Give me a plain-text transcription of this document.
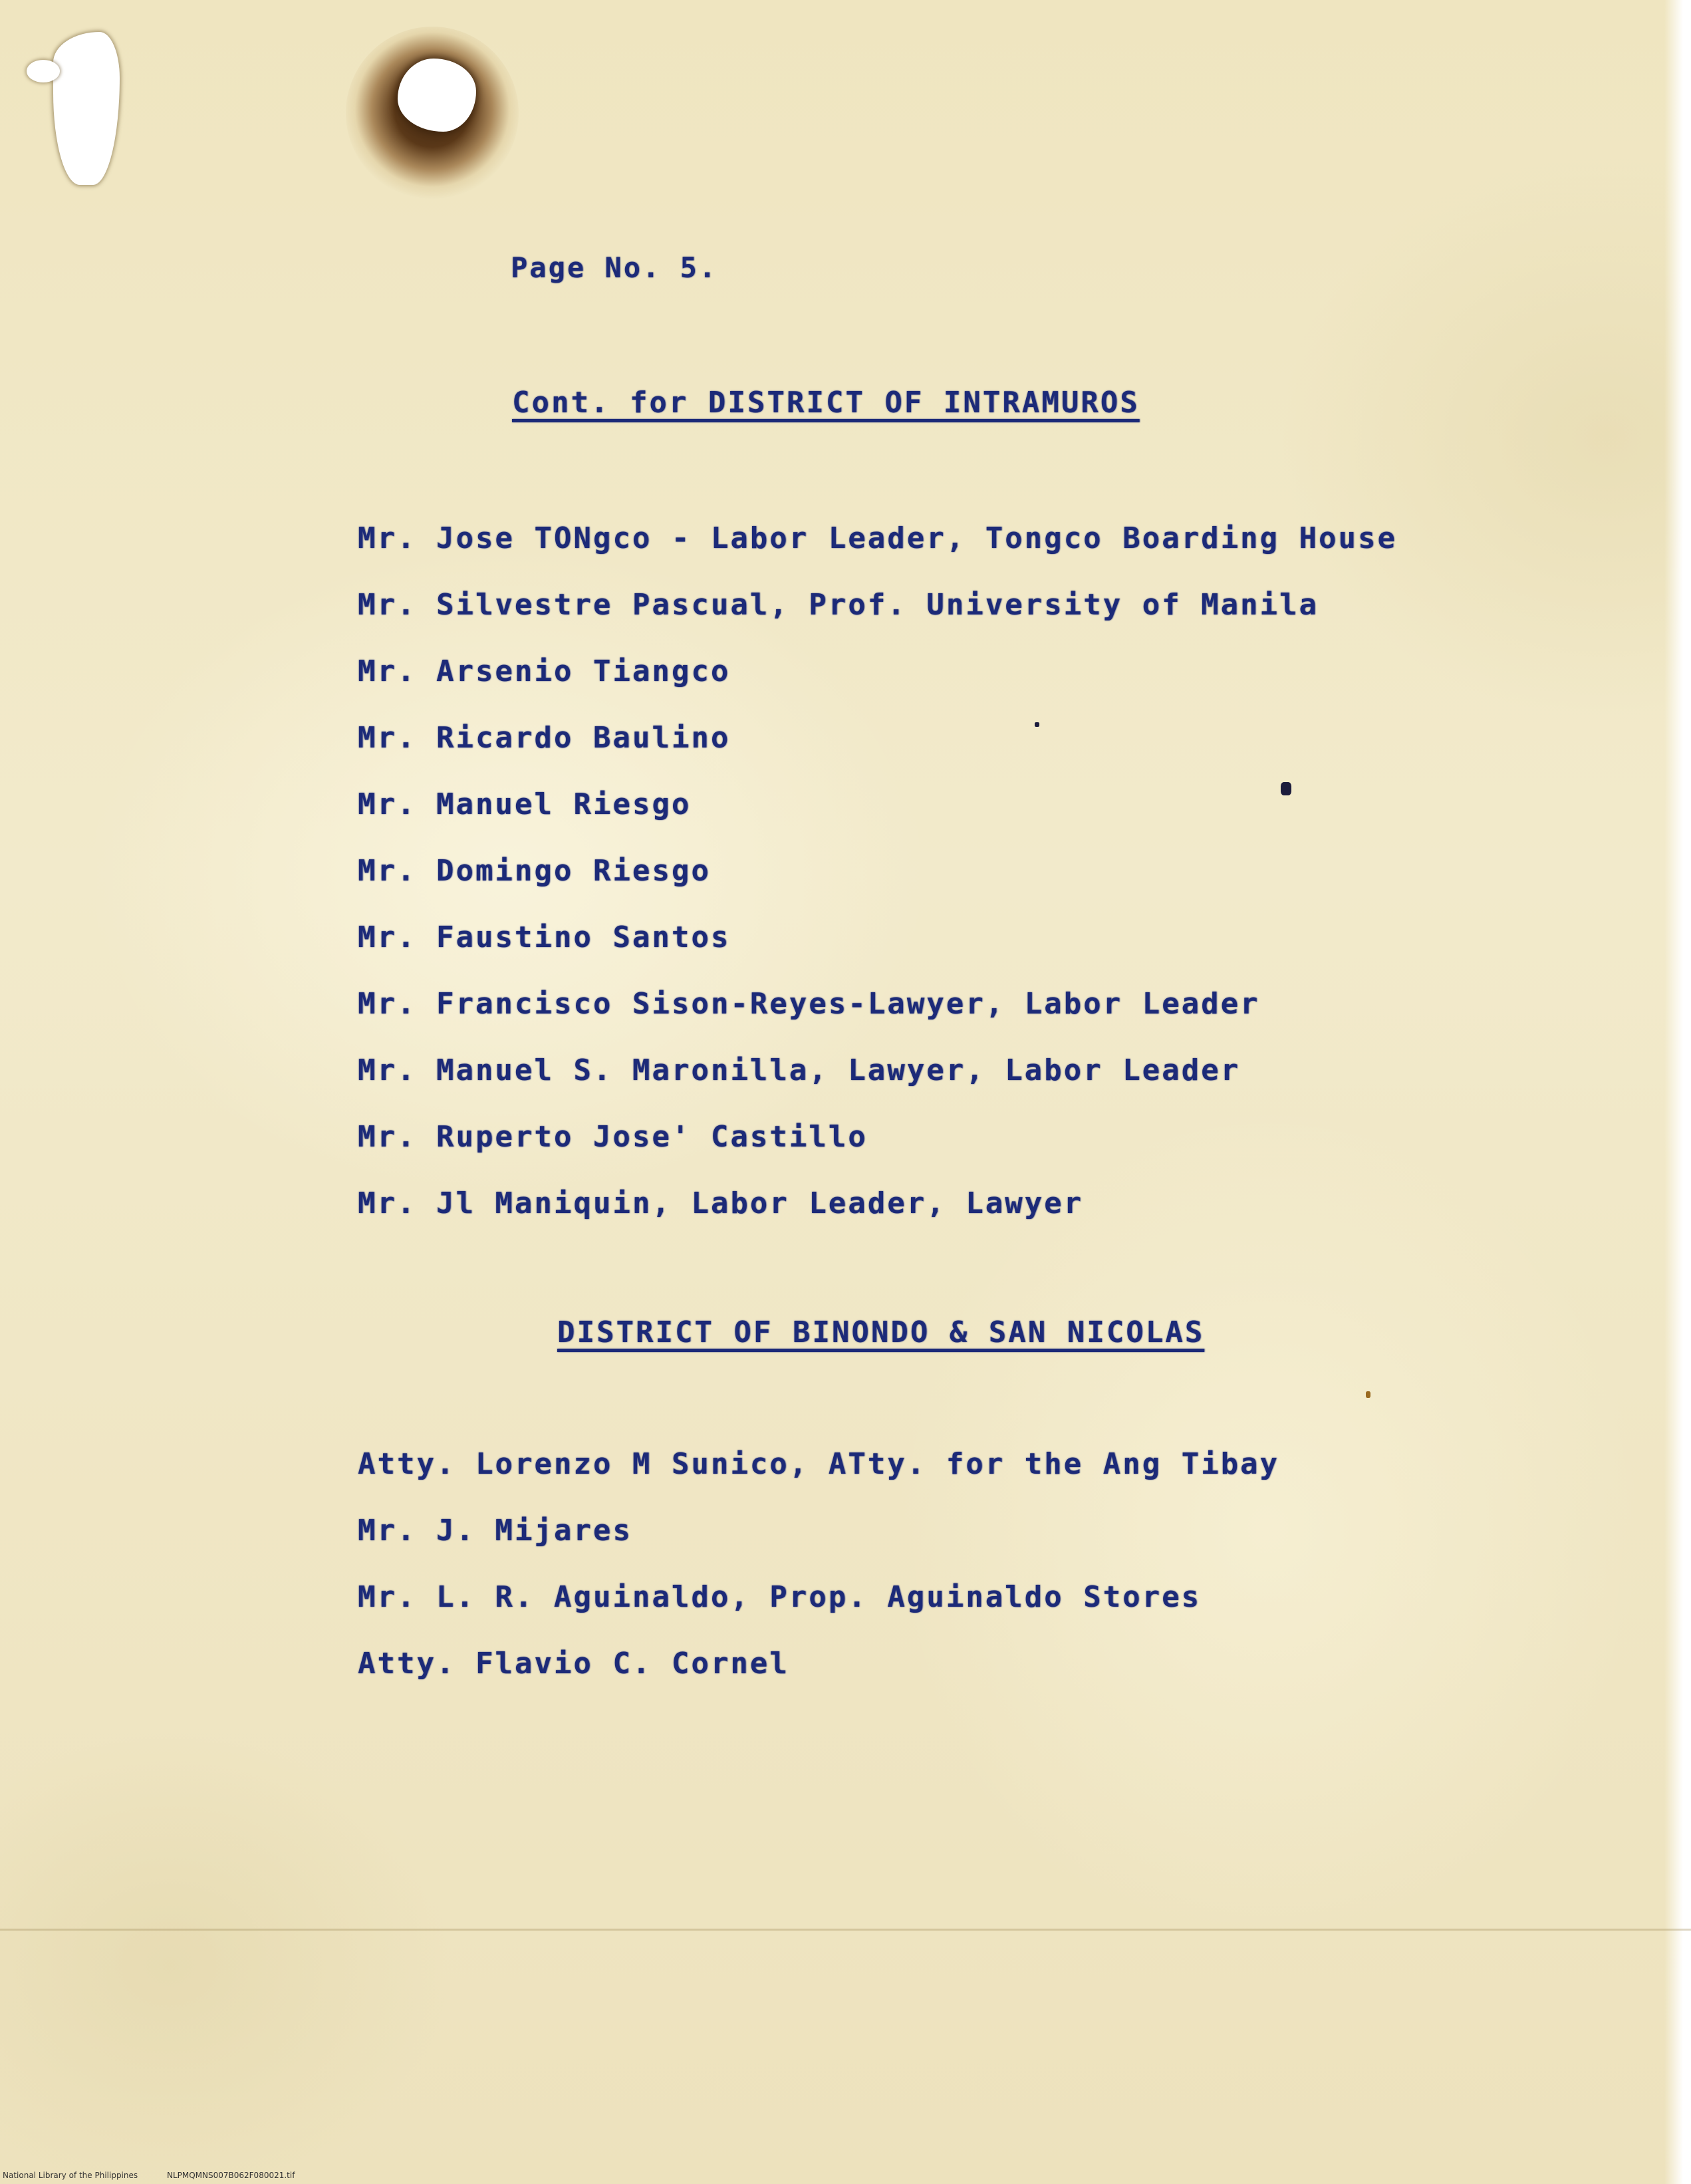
Page No. 5.

Cont. for DISTRICT OF INTRAMUROS

Mr. Jose TONgco - Labor Leader, Tongco Boarding House
Mr. Silvestre Pascual, Prof. University of Manila
Mr. Arsenio Tiangco
Mr. Ricardo Baulino
Mr. Manuel Riesgo
Mr. Domingo Riesgo
Mr. Faustino Santos
Mr. Francisco Sison-Reyes-Lawyer, Labor Leader
Mr. Manuel S. Maronilla, Lawyer, Labor Leader
Mr. Ruperto Jose' Castillo
Mr. Jl Maniquin, Labor Leader, Lawyer

DISTRICT OF BINONDO & SAN NICOLAS

Atty. Lorenzo M Sunico, ATty. for the Ang Tibay
Mr. J. Mijares
Mr. L. R. Aguinaldo, Prop. Aguinaldo Stores
Atty. Flavio C. Cornel
National Library of the Philippines	NLPMQMNS007B062F080021.tif
